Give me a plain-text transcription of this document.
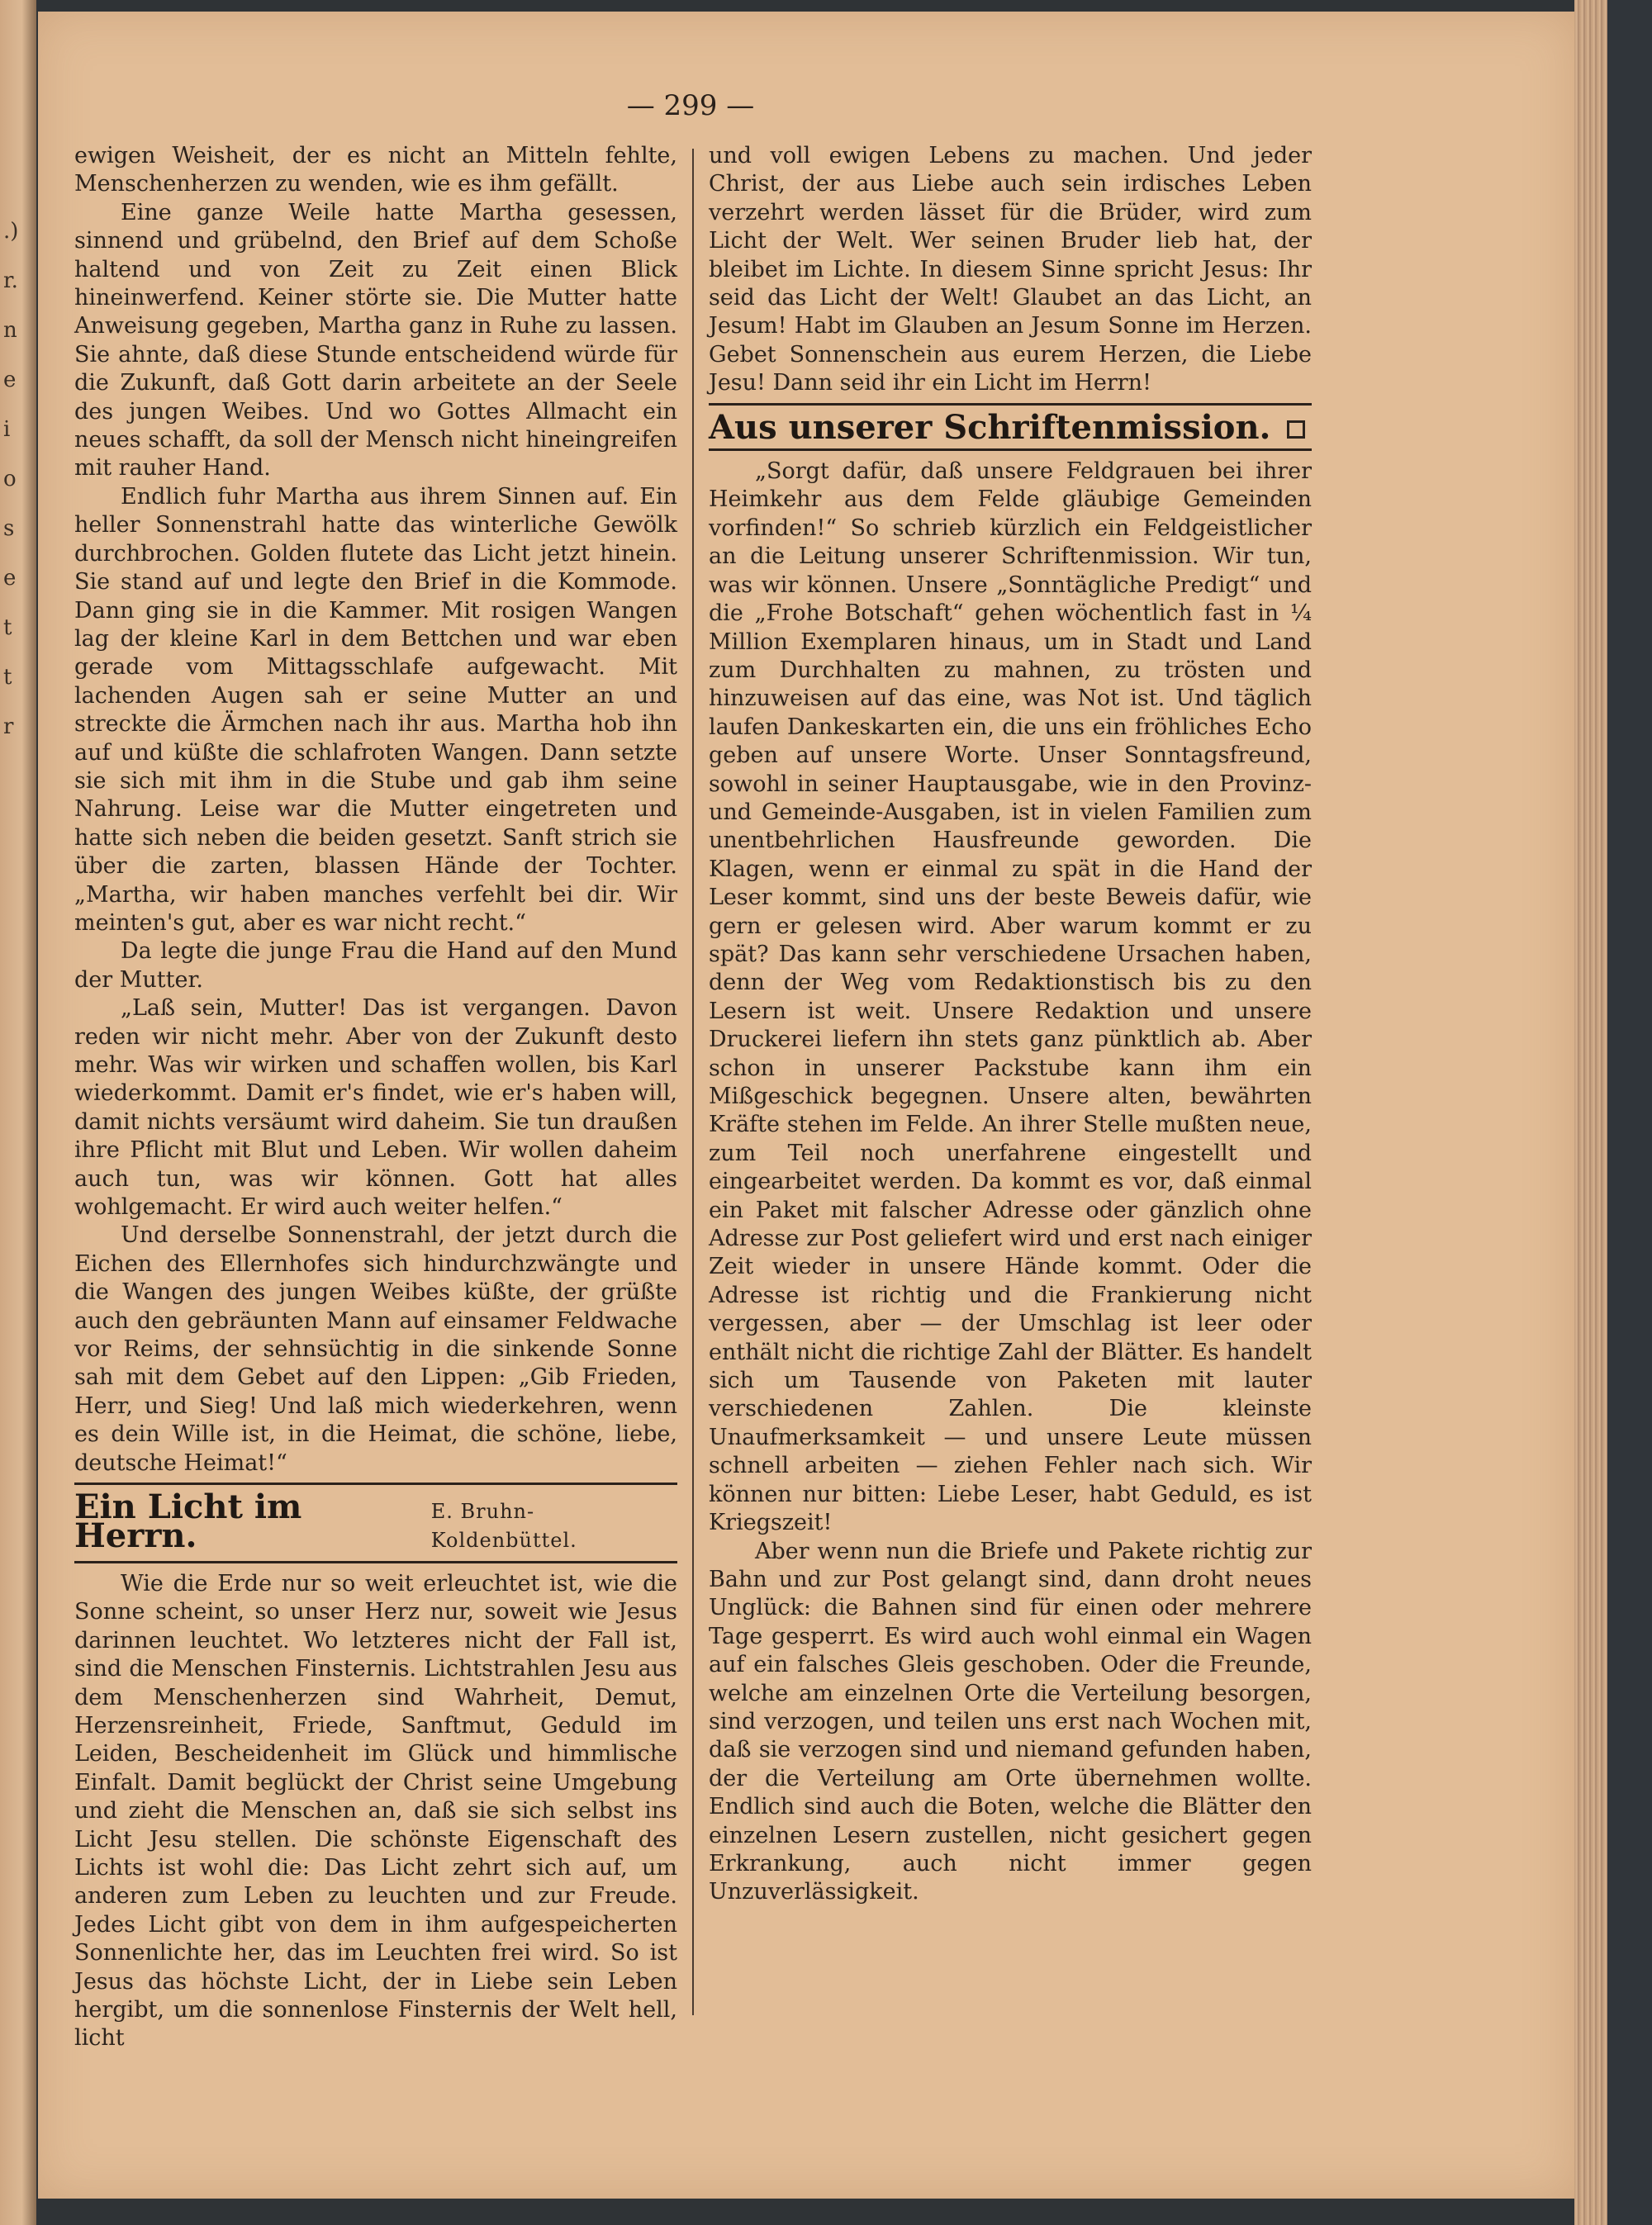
.)
r.
n
e
i
o
s
e
t
t
r
— 299 —

ewigen Weisheit, der es nicht an Mitteln fehlte, Menschenherzen zu wenden, wie es ihm gefällt.

Eine ganze Weile hatte Martha gesessen, sinnend und grübelnd, den Brief auf dem Schoße haltend und von Zeit zu Zeit einen Blick hineinwerfend. Keiner störte sie. Die Mutter hatte Anweisung gegeben, Martha ganz in Ruhe zu lassen. Sie ahnte, daß diese Stunde entscheidend würde für die Zukunft, daß Gott darin arbeitete an der Seele des jungen Weibes. Und wo Gottes Allmacht ein neues schafft, da soll der Mensch nicht hineingreifen mit rauher Hand.

Endlich fuhr Martha aus ihrem Sinnen auf. Ein heller Sonnenstrahl hatte das winterliche Gewölk durchbrochen. Golden flutete das Licht jetzt hinein. Sie stand auf und legte den Brief in die Kommode. Dann ging sie in die Kammer. Mit rosigen Wangen lag der kleine Karl in dem Bettchen und war eben gerade vom Mittagsschlafe aufgewacht. Mit lachenden Augen sah er seine Mutter an und streckte die Ärmchen nach ihr aus. Martha hob ihn auf und küßte die schlafroten Wangen. Dann setzte sie sich mit ihm in die Stube und gab ihm seine Nahrung. Leise war die Mutter eingetreten und hatte sich neben die beiden gesetzt. Sanft strich sie über die zarten, blassen Hände der Tochter. „Martha, wir haben manches verfehlt bei dir. Wir meinten's gut, aber es war nicht recht.“

Da legte die junge Frau die Hand auf den Mund der Mutter.

„Laß sein, Mutter! Das ist vergangen. Davon reden wir nicht mehr. Aber von der Zukunft desto mehr. Was wir wirken und schaffen wollen, bis Karl wiederkommt. Damit er's findet, wie er's haben will, damit nichts versäumt wird daheim. Sie tun draußen ihre Pflicht mit Blut und Leben. Wir wollen daheim auch tun, was wir können. Gott hat alles wohlgemacht. Er wird auch weiter helfen.“

Und derselbe Sonnenstrahl, der jetzt durch die Eichen des Ellernhofes sich hindurchzwängte und die Wangen des jungen Weibes küßte, der grüßte auch den gebräunten Mann auf einsamer Feldwache vor Reims, der sehnsüchtig in die sinkende Sonne sah mit dem Gebet auf den Lippen: „Gib Frieden, Herr, und Sieg! Und laß mich wiederkehren, wenn es dein Wille ist, in die Heimat, die schöne, liebe, deutsche Heimat!“

Ein Licht im Herrn.
E. Bruhn-Koldenbüttel.

Wie die Erde nur so weit erleuchtet ist, wie die Sonne scheint, so unser Herz nur, soweit wie Jesus darinnen leuchtet. Wo letzteres nicht der Fall ist, sind die Menschen Finsternis. Lichtstrahlen Jesu aus dem Menschenherzen sind Wahrheit, Demut, Herzensreinheit, Friede, Sanftmut, Geduld im Leiden, Bescheidenheit im Glück und himmlische Einfalt. Damit beglückt der Christ seine Umgebung und zieht die Menschen an, daß sie sich selbst ins Licht Jesu stellen. Die schönste Eigenschaft des Lichts ist wohl die: Das Licht zehrt sich auf, um anderen zum Leben zu leuchten und zur Freude. Jedes Licht gibt von dem in ihm aufgespeicherten Sonnenlichte her, das im Leuchten frei wird. So ist Jesus das höchste Licht, der in Liebe sein Leben hergibt, um die sonnenlose Finsternis der Welt hell, licht

und voll ewigen Lebens zu machen. Und jeder Christ, der aus Liebe auch sein irdisches Leben verzehrt werden lässet für die Brüder, wird zum Licht der Welt. Wer seinen Bruder lieb hat, der bleibet im Lichte. In diesem Sinne spricht Jesus: Ihr seid das Licht der Welt! Glaubet an das Licht, an Jesum! Habt im Glauben an Jesum Sonne im Herzen. Gebet Sonnenschein aus eurem Herzen, die Liebe Jesu! Dann seid ihr ein Licht im Herrn!

Aus unserer Schriftenmission.

„Sorgt dafür, daß unsere Feldgrauen bei ihrer Heimkehr aus dem Felde gläubige Gemeinden vorfinden!“ So schrieb kürzlich ein Feldgeistlicher an die Leitung unserer Schriftenmission. Wir tun, was wir können. Unsere „Sonntägliche Predigt“ und die „Frohe Botschaft“ gehen wöchentlich fast in ¼ Million Exemplaren hinaus, um in Stadt und Land zum Durchhalten zu mahnen, zu trösten und hinzuweisen auf das eine, was Not ist. Und täglich laufen Dankeskarten ein, die uns ein fröhliches Echo geben auf unsere Worte. Unser Sonntagsfreund, sowohl in seiner Hauptausgabe, wie in den Provinz- und Gemeinde-Ausgaben, ist in vielen Familien zum unentbehrlichen Hausfreunde geworden. Die Klagen, wenn er einmal zu spät in die Hand der Leser kommt, sind uns der beste Beweis dafür, wie gern er gelesen wird. Aber warum kommt er zu spät? Das kann sehr verschiedene Ursachen haben, denn der Weg vom Redaktionstisch bis zu den Lesern ist weit. Unsere Redaktion und unsere Druckerei liefern ihn stets ganz pünktlich ab. Aber schon in unserer Packstube kann ihm ein Mißgeschick begegnen. Unsere alten, bewährten Kräfte stehen im Felde. An ihrer Stelle mußten neue, zum Teil noch unerfahrene eingestellt und eingearbeitet werden. Da kommt es vor, daß einmal ein Paket mit falscher Adresse oder gänzlich ohne Adresse zur Post geliefert wird und erst nach einiger Zeit wieder in unsere Hände kommt. Oder die Adresse ist richtig und die Frankierung nicht vergessen, aber — der Umschlag ist leer oder enthält nicht die richtige Zahl der Blätter. Es handelt sich um Tausende von Paketen mit lauter verschiedenen Zahlen. Die kleinste Unaufmerksamkeit — und unsere Leute müssen schnell arbeiten — ziehen Fehler nach sich. Wir können nur bitten: Liebe Leser, habt Geduld, es ist Kriegszeit!

Aber wenn nun die Briefe und Pakete richtig zur Bahn und zur Post gelangt sind, dann droht neues Unglück: die Bahnen sind für einen oder mehrere Tage gesperrt. Es wird auch wohl einmal ein Wagen auf ein falsches Gleis geschoben. Oder die Freunde, welche am einzelnen Orte die Verteilung besorgen, sind verzogen, und teilen uns erst nach Wochen mit, daß sie verzogen sind und niemand gefunden haben, der die Verteilung am Orte übernehmen wollte. Endlich sind auch die Boten, welche die Blätter den einzelnen Lesern zustellen, nicht gesichert gegen Erkrankung, auch nicht immer gegen Unzuverlässigkeit.
